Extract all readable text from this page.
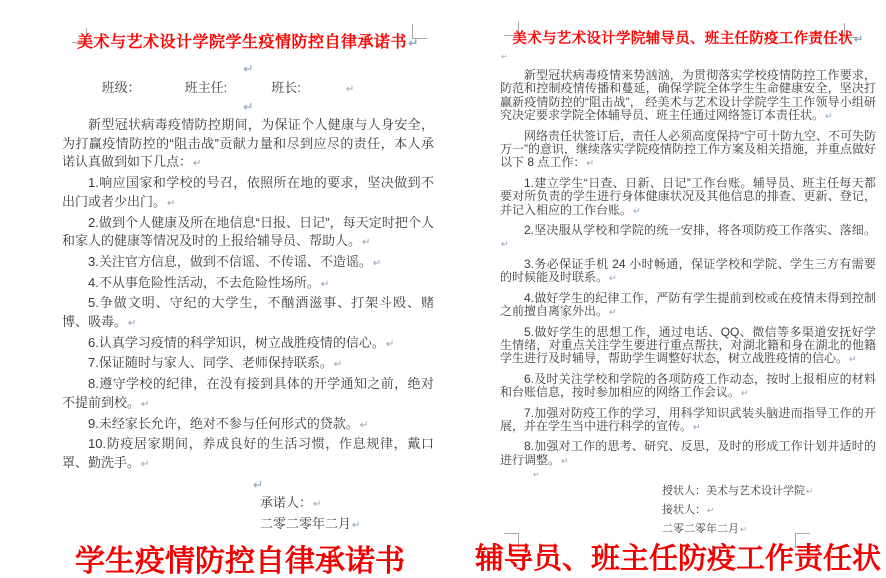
美术与艺术设计学院学生疫情防控自律承诺书↵

↵

班级：	班主任:	班长:	↵

↵

新型冠状病毒疫情防控期间，为保证个人健康与人身安全，为打赢疫情防控的“阻击战”贡献力量和尽到应尽的责任，本人承诺认真做到如下几点：↵

1.响应国家和学校的号召，依照所在地的要求，坚决做到不出门或者少出门。↵

2.做到个人健康及所在地信息“日报、日记”，每天定时把个人和家人的健康等情况及时的上报给辅导员、帮助人。↵

3.关注官方信息，做到不信谣、不传谣、不造谣。↵

4.不从事危险性活动，不去危险性场所。↵

5.争做文明、守纪的大学生，不酗酒滋事、打架斗殴、赌博、吸毒。↵

6.认真学习疫情的科学知识，树立战胜疫情的信心。↵

7.保证随时与家人、同学、老师保持联系。↵

8.遵守学校的纪律，在没有接到具体的开学通知之前，绝对不提前到校。↵

9.未经家长允许，绝对不参与任何形式的贷款。↵

10.防疫居家期间，养成良好的生活习惯，作息规律，戴口罩、勤洗手。↵

↵

承诺人：↵

二零二零年二月↵

美术与艺术设计学院辅导员、班主任防疫工作责任状↵

↵

新型冠状病毒疫情来势汹汹，为贯彻落实学校疫情防控工作要求，防范和控制疫情传播和蔓延，确保学院全体学生生命健康安全，坚决打赢新疫情防控的“阻击战”， 经美术与艺术设计学院学生工作领导小组研究决定要求学院全体辅导员、班主任通过网络签订本责任状。↵

网络责任状签订后，责任人必须高度保持“宁可十防九空、不可失防万一”的意识，继续落实学院疫情防控工作方案及相关措施，并重点做好以下 8 点工作：↵

1.建立学生“日查、日新、日记”工作台账。辅导员、班主任每天都要对所负责的学生进行身体健康状况及其他信息的排查、更新、登记，并记入相应的工作台账。↵

2.坚决服从学校和学院的统一安排，将各项防疫工作落实、落细。↵

3.务必保证手机 24 小时畅通，保证学校和学院、学生三方有需要的时候能及时联系。↵

4.做好学生的纪律工作，严防有学生提前到校或在疫情未得到控制之前擅自离家外出。↵

5.做好学生的思想工作，通过电话、QQ、微信等多渠道安抚好学生情绪，对重点关注学生要进行重点帮扶，对湖北籍和身在湖北的他籍学生进行及时辅导，帮助学生调整好状态，树立战胜疫情的信心。↵

6.及时关注学校和学院的各项防疫工作动态，按时上报相应的材料和台账信息，按时参加相应的网络工作会议。↵

7.加强对防疫工作的学习，用科学知识武装头脑进而指导工作的开展，并在学生当中进行科学的宣传。↵

8.加强对工作的思考、研究、反思，及时的形成工作计划并适时的进行调整。↵

↵

授状人：美术与艺术设计学院↵

接状人：↵

二零二零年二月↵

学生疫情防控自律承诺书	辅导员、班主任防疫工作责任状
